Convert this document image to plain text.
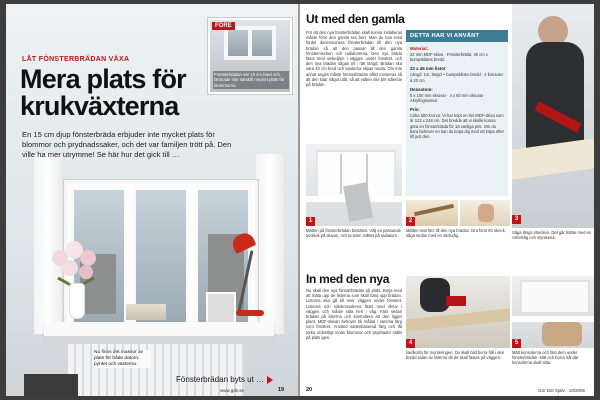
LÅT FÖNSTERBRÄDAN VÄXA
Mera plats för krukväxterna
En 15 cm djup fönsterbräda erbjuder inte mycket plats för blommor och prydnadssaker, och det var familjen trött på. Den ville ha mer utrymme! Se här hur det gick till …
FÖRE
Fönsterbrädan var 15 cm bred och lämnade inte särskilt mycket plats för blommorna.
Nu finns det massor av plats för både datorn, pyntet och växterna.
Fönsterbrädan byts ut …
www.gds.se	19
Ut med den gamla
För att den nya fönsterbrädan skall kunna installeras måste först den gamla tas bort. Man du kan med fördel dimensionera fönsterbrädan till den nya brädan så att den passar till den gamla fönsternischen och radiatorerna. Den nya bräda fästs med vinkeljärn i väggen under fönstret, och den nya brädan sågas till i rätt längd. Brädan ska vara 40 cm bred och kanterna slipas runda. Om inte annat anges måste fönsterbrädan alltid monteras så att den lutar något utåt, så att vatten inte blir stående på brädan.
DETTA HAR VI ANVÄNT
Material:
22 mm MDF-skiva · Fönsterbräda, 40 cm x bumpskiktes bredd
22 x 45 mm listor
Längd: 1m, längd + bumpskiktes bredd · 2 konsoler à 20 cm
Dessutom:
5 x 100 mm skruvar · 4 x 60 mm skruvar · Akrylfogmassa
Pris:
Cirka 500 kronor. Vi har köpt en hel MDF-skiva som är 122 x 248 cm. Det bredde att vi skulle kunna göra en fönsterbräda för 18 vanliga pris. Om du bara behöver en kan du köpa dig med ett köpa efter till just den.
3
1	2
Mätten på fönsterbrädan bestäms. Välj en passande tjocklek på skivan, och ta även måttet på radiatorn.
Mätten överförs till den nya brädan. Dra först ett streck, såga sedan med en sticksåg.
Såga längs strecken. Det går bättre med en cirkelsåg och styrskena.
In med den nya
Nu skall den nya fönsterbrädan på plats. Borja med att mäta upp de listerna som skall bära upp brädan. Listorna ska gå till över väggen under fönstret. Listerna och sidokonsolerna fästs med skruv i väggen och måste sitta helt i våg. Fäst sedan brädan på listerna och kontrollera att den ligger plant. MDF-skivan behöver bli målad i samma färg som fönstret. Använd vattenbaserad färg och låt torka ordentligt innan blommor och prydnader ställs på plats igen.
4	5
Nedkorta för monteringen. Du skall bild borra hål i den bredd sidan av listerna dit de skall fästas på väggen.
Mätt konsolerna och fäst dem under fönsterbrädan. Mät och borra hål där konsolerna skall sitta.
20	Gör Det Själv · 10/2006
